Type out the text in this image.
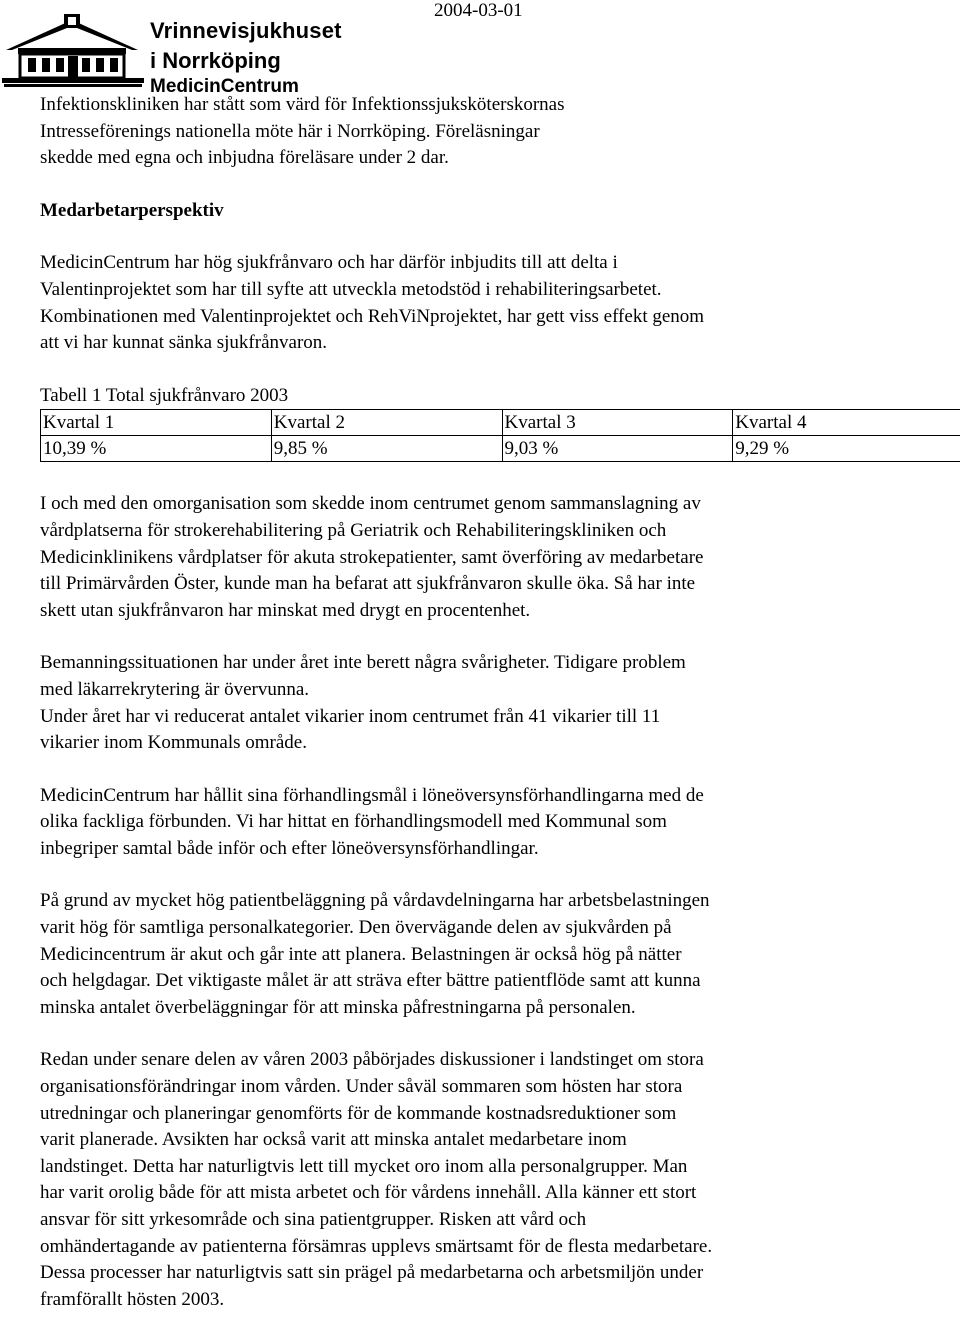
Vrinnevisjukhuset
i Norrköping
MedicinCentrum
2004-03-01

Infektionskliniken har stått som värd för Infektionssjuksköterskornas
Intresseförenings nationella möte här i Norrköping. Föreläsningar
skedde med egna och inbjudna föreläsare under 2 dar.

Medarbetarperspektiv

MedicinCentrum har hög sjukfrånvaro och har därför inbjudits till att delta i
Valentinprojektet som har till syfte att utveckla metodstöd i rehabiliteringsarbetet.
Kombinationen med Valentinprojektet och RehViNprojektet, har gett viss effekt genom
att vi har kunnat sänka sjukfrånvaron.

Tabell 1 Total sjukfrånvaro 2003

Kvartal 1	Kvartal 2	Kvartal 3	Kvartal 4
10,39 %	9,85 %	9,03 %	9,29 %

I och med den omorganisation som skedde inom centrumet genom sammanslagning av
vårdplatserna för strokerehabilitering på Geriatrik och Rehabiliteringskliniken och
Medicinklinikens vårdplatser för akuta strokepatienter, samt överföring av medarbetare
till Primärvården Öster, kunde man ha befarat att sjukfrånvaron skulle öka. Så har inte
skett utan sjukfrånvaron har minskat med drygt en procentenhet.

Bemanningssituationen har under året inte berett några svårigheter. Tidigare problem
med läkarrekrytering är övervunna.
Under året har vi reducerat antalet vikarier inom centrumet från 41 vikarier till 11
vikarier inom Kommunals område.

MedicinCentrum har hållit sina förhandlingsmål i löneöversynsförhandlingarna med de
olika fackliga förbunden. Vi har hittat en förhandlingsmodell med Kommunal som
inbegriper samtal både inför och efter löneöversynsförhandlingar.

På grund av mycket hög patientbeläggning på vårdavdelningarna har arbetsbelastningen
varit hög för samtliga personalkategorier. Den övervägande delen av sjukvården på
Medicincentrum är akut och går inte att planera. Belastningen är också hög på nätter
och helgdagar. Det viktigaste målet är att sträva efter bättre patientflöde samt att kunna
minska antalet överbeläggningar för att minska påfrestningarna på personalen.

Redan under senare delen av våren 2003 påbörjades diskussioner i landstinget om stora
organisationsförändringar inom vården. Under såväl sommaren som hösten har stora
utredningar och planeringar genomförts för de kommande kostnadsreduktioner som
varit planerade. Avsikten har också varit att minska antalet medarbetare inom
landstinget. Detta har naturligtvis lett till mycket oro inom alla personalgrupper. Man
har varit orolig både för att mista arbetet och för vårdens innehåll. Alla känner ett stort
ansvar för sitt yrkesområde och sina patientgrupper. Risken att vård och
omhändertagande av patienterna försämras upplevs smärtsamt för de flesta medarbetare.
Dessa processer har naturligtvis satt sin prägel på medarbetarna och arbetsmiljön under
framförallt hösten 2003.
